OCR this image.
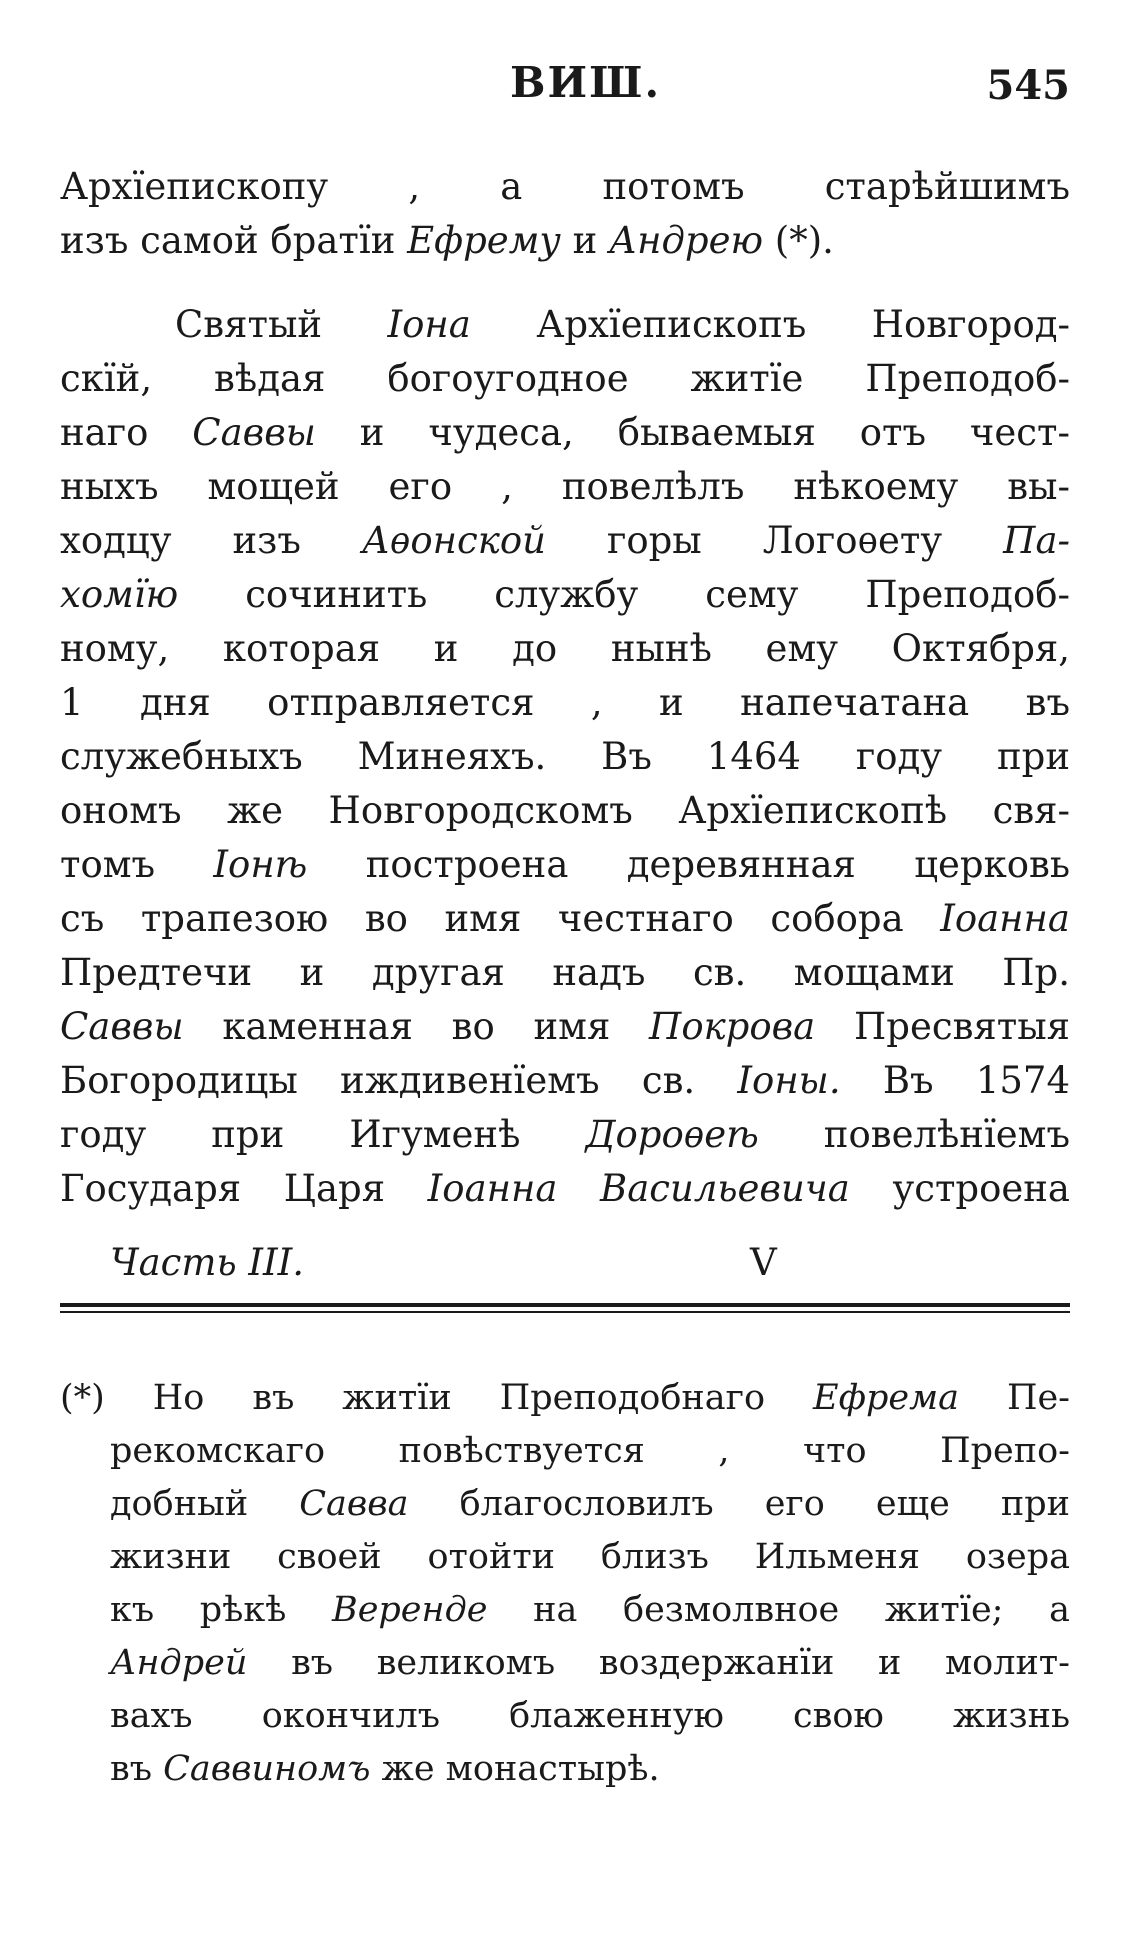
ВИШ.	545
Архїепископу , а потомъ старѣйшимъ
изъ самой братїи Ефрему и Андрею (*).
Святый Iона Архїепископъ Новгород-
скїй, вѣдая богоугодное житїе Преподоб-
наго Саввы и чудеса, бываемыя отъ чест-
ныхъ мощей его , повелѣлъ нѣкоему вы-
ходцу изъ Аѳонской горы Логоѳету Па-
хомїю сочинить службу сему Преподоб-
ному, которая и до нынѣ ему Октября,
1 дня отправляется , и напечатана въ
служебныхъ Минеяхъ. Въ 1464 году при
ономъ же Новгородскомъ Архїепископѣ свя-
томъ Iонѣ построена деревянная церковь
съ трапезою во имя честнаго собора Iоанна
Предтечи и другая надъ св. мощами Пр.
Саввы каменная во имя Покрова Пресвятыя
Богородицы иждивенїемъ св. Iоны. Въ 1574
году при Игуменѣ Дороѳеѣ повелѣнїемъ
Государя Царя Iоанна Васильевича устроена
Часть III.	V
(*) Но въ житїи Преподобнаго Ефрема Пе-
рекомскаго повѣствуется , что Препо-
добный Савва благословилъ его еще при
жизни своей отойти близъ Ильменя озера
къ рѣкѣ Веренде на безмолвное житїе; а
Андрей въ великомъ воздержанїи и молит-
вахъ окончилъ блаженную свою жизнь
въ Саввиномъ же монастырѣ.
